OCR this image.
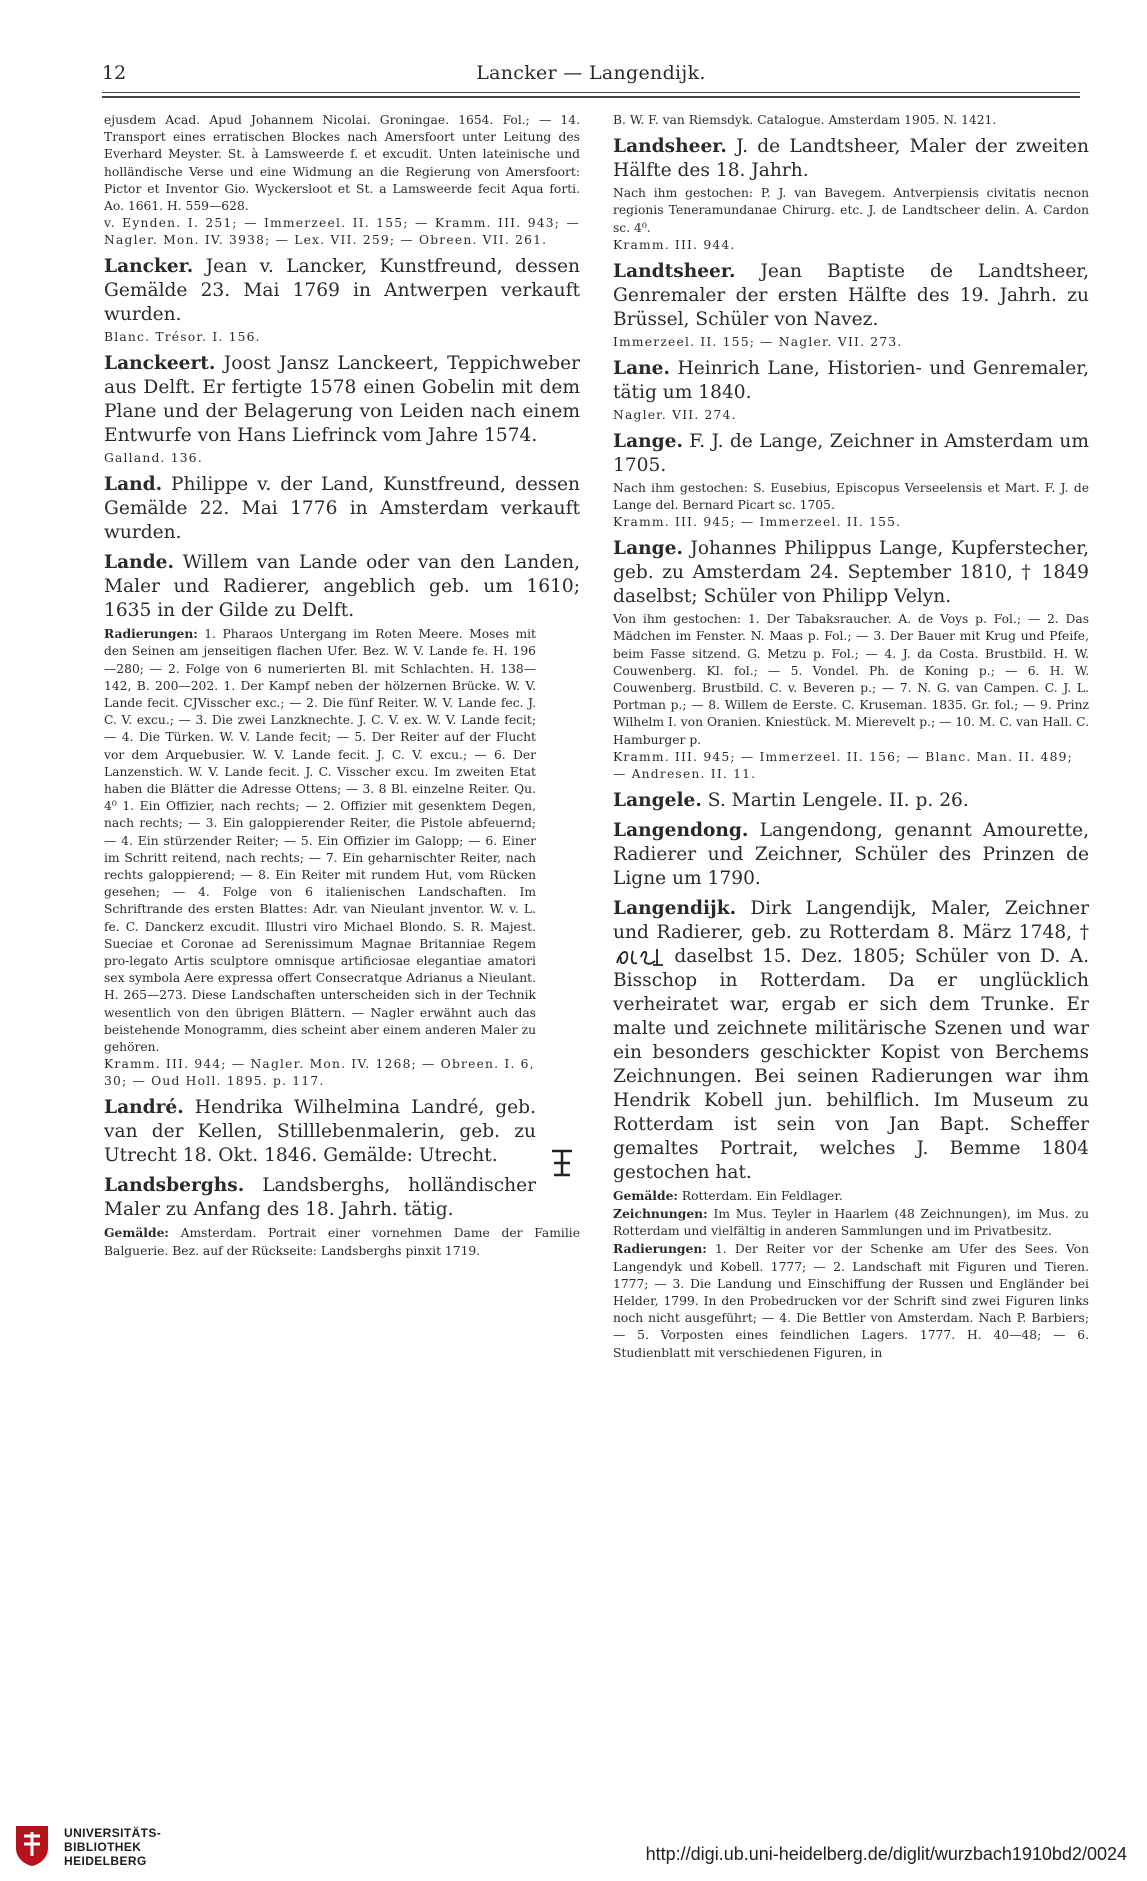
12	Lancker — Langendijk.

ejusdem Acad. Apud Johannem Nicolai. Groningae. 1654. Fol.; — 14. Transport eines erratischen Blockes nach Amersfoort unter Leitung des Everhard Meyster. St. à Lamsweerde f. et excudit. Unten lateinische und holländische Verse und eine Widmung an die Regierung von Amersfoort: Pictor et Inventor Gio. Wyckersloot et St. a Lamsweerde fecit Aqua forti. Ao. 1661. H. 559—628.

v. Eynden. I. 251; — Immerzeel. II. 155; — Kramm. III. 943; — Nagler. Mon. IV. 3938; — Lex. VII. 259; — Obreen. VII. 261.

Lancker. Jean v. Lancker, Kunstfreund, dessen Gemälde 23. Mai 1769 in Antwerpen verkauft wurden.

Blanc. Trésor. I. 156.

Lanckeert. Joost Jansz Lanckeert, Teppichweber aus Delft. Er fertigte 1578 einen Gobelin mit dem Plane und der Belagerung von Leiden nach einem Entwurfe von Hans Liefrinck vom Jahre 1574.

Galland. 136.

Land. Philippe v. der Land, Kunstfreund, dessen Gemälde 22. Mai 1776 in Amsterdam verkauft wurden.

Lande. Willem van Lande oder van den Landen, Maler und Radierer, angeblich geb. um 1610; 1635 in der Gilde zu Delft.

Radierungen: 1. Pharaos Untergang im Roten Meere. Moses mit den Seinen am jenseitigen flachen Ufer. Bez. W. V. Lande fe. H. 196—280; — 2. Folge von 6 numerierten Bl. mit Schlachten. H. 138—142, B. 200—202. 1. Der Kampf neben der hölzernen Brücke. W. V. Lande fecit. CJVisscher exc.; — 2. Die fünf Reiter. W. V. Lande fec. J. C. V. excu.; — 3. Die zwei Lanzknechte. J. C. V. ex. W. V. Lande fecit; — 4. Die Türken. W. V. Lande fecit; — 5. Der Reiter auf der Flucht vor dem Arquebusier. W. V. Lande fecit. J. C. V. excu.; — 6. Der Lanzenstich. W. V. Lande fecit. J. C. Visscher excu. Im zweiten Etat haben die Blätter die Adresse Ottens; — 3. 8 Bl. einzelne Reiter. Qu. 4⁰ 1. Ein Offizier, nach rechts; — 2. Offizier mit gesenktem Degen, nach rechts; — 3. Ein galoppierender Reiter, die Pistole abfeuernd; — 4. Ein stürzender Reiter; — 5. Ein Offizier im Galopp; — 6. Einer im Schritt reitend, nach rechts; — 7. Ein geharnischter Reiter, nach rechts galoppierend; — 8. Ein Reiter mit rundem Hut, vom Rücken gesehen; — 4. Folge von 6 italienischen Landschaften. Im Schriftrande des ersten Blattes: Adr. van Nieulant jnventor. W. v. L. fe. C. Danckerz excudit. Illustri viro Michael Blondo. S. R. Majest. Sueciae et Coronae ad Serenissimum Magnae Britanniae Regem pro-legato Artis sculptore omnisque artificiosae elegantiae amatori sex symbola Aere expressa offert Consecratque Adrianus a Nieulant. H. 265—273. Diese Landschaften unterscheiden sich in der Technik wesentlich von den übrigen Blättern. — Nagler erwähnt auch das beistehende Monogramm, dies scheint aber einem anderen Maler zu gehören.

Kramm. III. 944; — Nagler. Mon. IV. 1268; — Obreen. I. 6, 30; — Oud Holl. 1895. p. 117.

Landré. Hendrika Wilhelmina Landré, geb. van der Kellen, Stilllebenmalerin, geb. zu Utrecht 18. Okt. 1846. Gemälde: Utrecht.

Landsberghs. Landsberghs, holländischer Maler zu Anfang des 18. Jahrh. tätig.

Gemälde: Amsterdam. Portrait einer vornehmen Dame der Familie Balguerie. Bez. auf der Rückseite: Landsberghs pinxit 1719.

B. W. F. van Riemsdyk. Catalogue. Amsterdam 1905. N. 1421.

Landsheer. J. de Landtsheer, Maler der zweiten Hälfte des 18. Jahrh.

Nach ihm gestochen: P. J. van Bavegem. Antverpiensis civitatis necnon regionis Teneramundanae Chirurg. etc. J. de Landtscheer delin. A. Cardon sc. 4⁰.

Kramm. III. 944.

Landtsheer. Jean Baptiste de Landtsheer, Genremaler der ersten Hälfte des 19. Jahrh. zu Brüssel, Schüler von Navez.

Immerzeel. II. 155; — Nagler. VII. 273.

Lane. Heinrich Lane, Historien- und Genremaler, tätig um 1840.

Nagler. VII. 274.

Lange. F. J. de Lange, Zeichner in Amsterdam um 1705.

Nach ihm gestochen: S. Eusebius, Episcopus Verseelensis et Mart. F. J. de Lange del. Bernard Picart sc. 1705.

Kramm. III. 945; — Immerzeel. II. 155.

Lange. Johannes Philippus Lange, Kupferstecher, geb. zu Amsterdam 24. September 1810, † 1849 daselbst; Schüler von Philipp Velyn.

Von ihm gestochen: 1. Der Tabaksraucher. A. de Voys p. Fol.; — 2. Das Mädchen im Fenster. N. Maas p. Fol.; — 3. Der Bauer mit Krug und Pfeife, beim Fasse sitzend. G. Metzu p. Fol.; — 4. J. da Costa. Brustbild. H. W. Couwenberg. Kl. fol.; — 5. Vondel. Ph. de Koning p.; — 6. H. W. Couwenberg. Brustbild. C. v. Beveren p.; — 7. N. G. van Campen. C. J. L. Portman p.; — 8. Willem de Eerste. C. Kruseman. 1835. Gr. fol.; — 9. Prinz Wilhelm I. von Oranien. Kniestück. M. Mierevelt p.; — 10. M. C. van Hall. C. Hamburger p.

Kramm. III. 945; — Immerzeel. II. 156; — Blanc. Man. II. 489; — Andresen. II. 11.

Langele. S. Martin Lengele. II. p. 26.

Langendong. Langendong, genannt Amourette, Radierer und Zeichner, Schüler des Prinzen de Ligne um 1790.

Langendijk. Dirk Langendijk, Maler, Zeichner und Radierer, geb. zu Rotterdam 8. März 1748, †  daselbst 15. Dez. 1805; Schüler von D. A. Bisschop in Rotterdam. Da er unglücklich verheiratet war, ergab er sich dem Trunke. Er malte und zeichnete militärische Szenen und war ein besonders geschickter Kopist von Berchems Zeichnungen. Bei seinen Radierungen war ihm Hendrik Kobell jun. behilflich. Im Museum zu Rotterdam ist sein von Jan Bapt. Scheffer gemaltes Portrait, welches J. Bemme 1804 gestochen hat.

Gemälde: Rotterdam. Ein Feldlager.

Zeichnungen: Im Mus. Teyler in Haarlem (48 Zeichnungen), im Mus. zu Rotterdam und vielfältig in anderen Sammlungen und im Privatbesitz.

Radierungen: 1. Der Reiter vor der Schenke am Ufer des Sees. Von Langendyk und Kobell. 1777; — 2. Landschaft mit Figuren und Tieren. 1777; — 3. Die Landung und Einschiffung der Russen und Engländer bei Helder, 1799. In den Probedrucken vor der Schrift sind zwei Figuren links noch nicht ausgeführt; — 4. Die Bettler von Amsterdam. Nach P. Barbiers; — 5. Vorposten eines feindlichen Lagers. 1777. H. 40—48; — 6. Studienblatt mit verschiedenen Figuren, in

UNIVERSITÄTS-
BIBLIOTHEK
HEIDELBERG	http://digi.ub.uni-heidelberg.de/diglit/wurzbach1910bd2/0024
